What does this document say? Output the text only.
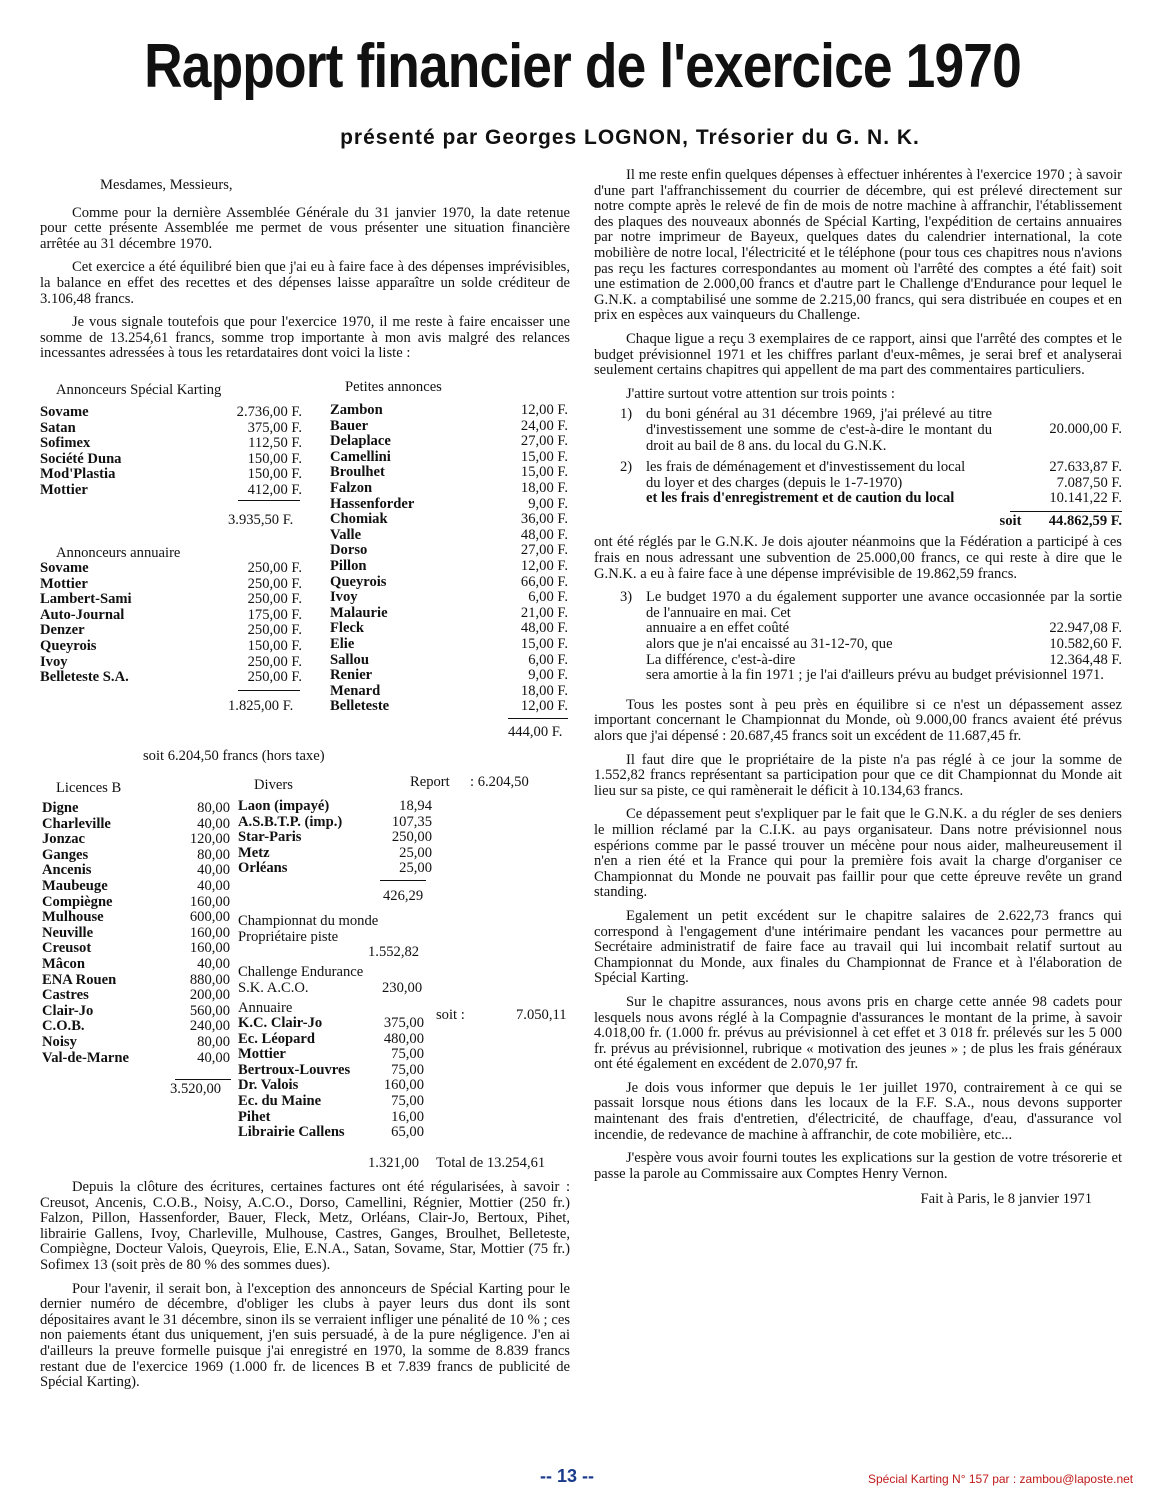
Rapport financier de l'exercice 1970
présenté par Georges LOGNON, Trésorier du G. N. K.

Mesdames, Messieurs,

Comme pour la dernière Assemblée Générale du 31 janvier 1970, la date retenue pour cette présente Assemblée me permet de vous présenter une situation financière arrêtée au 31 décembre 1970.

Cet exercice a été équilibré bien que j'ai eu à faire face à des dépenses imprévisibles, la balance en effet des recettes et des dépenses laisse apparaître un solde créditeur de 3.106,48 francs.

Je vous signale toutefois que pour l'exercice 1970, il me reste à faire encaisser une somme de 13.254,61 francs, somme trop importante à mon avis malgré des relances incessantes adressées à tous les retardataires dont voici la liste :

Annonceurs Spécial Karting
Sovame	2.736,00 F.
Satan	375,00 F.
Sofimex	112,50 F.
Société Duna	150,00 F.
Mod'Plastia	150,00 F.
Mottier	412,00 F.
3.935,50 F.
Annonceurs annuaire
Sovame	250,00 F.
Mottier	250,00 F.
Lambert-Sami	250,00 F.
Auto-Journal	175,00 F.
Denzer	250,00 F.
Queyrois	150,00 F.
Ivoy	250,00 F.
Belleteste S.A.	250,00 F.
1.825,00 F.
Petites annonces
Zambon	12,00 F.
Bauer	24,00 F.
Delaplace	27,00 F.
Camellini	15,00 F.
Broulhet	15,00 F.
Falzon	18,00 F.
Hassenforder	9,00 F.
Chomiak	36,00 F.
Valle	48,00 F.
Dorso	27,00 F.
Pillon	12,00 F.
Queyrois	66,00 F.
Ivoy	6,00 F.
Malaurie	21,00 F.
Fleck	48,00 F.
Elie	15,00 F.
Sallou	6,00 F.
Renier	9,00 F.
Menard	18,00 F.
Belleteste	12,00 F.
444,00 F.
soit 6.204,50 francs (hors taxe)
Licences B
Digne	80,00
Charleville	40,00
Jonzac	120,00
Ganges	80,00
Ancenis	40,00
Maubeuge	40,00
Compiègne	160,00
Mulhouse	600,00
Neuville	160,00
Creusot	160,00
Mâcon	40,00
ENA Rouen	880,00
Castres	200,00
Clair-Jo	560,00
C.O.B.	240,00
Noisy	80,00
Val-de-Marne	40,00
3.520,00
Divers	Report : 6.204,50
Laon (impayé)	18,94
A.S.B.T.P. (imp.)	107,35
Star-Paris	250,00
Metz	25,00
Orléans	25,00
426,29
Championnat du monde
Propriétaire piste
1.552,82
Challenge Endurance
S.K. A.C.O.	230,00
Annuaire
K.C. Clair-Jo	375,00
Ec. Léopard	480,00
Mottier	75,00
Bertroux-Louvres	75,00
Dr. Valois	160,00
Ec. du Maine	75,00
Pihet	16,00
Librairie Callens	65,00
soit :	7.050,11
1.321,00 Total de 13.254,61

Depuis la clôture des écritures, certaines factures ont été régularisées, à savoir : Creusot, Ancenis, C.O.B., Noisy, A.C.O., Dorso, Camellini, Régnier, Mottier (250 fr.) Falzon, Pillon, Hassenforder, Bauer, Fleck, Metz, Orléans, Clair-Jo, Bertoux, Pihet, librairie Gallens, Ivoy, Charleville, Mulhouse, Castres, Ganges, Broulhet, Belleteste, Compiègne, Docteur Valois, Queyrois, Elie, E.N.A., Satan, Sovame, Star, Mottier (75 fr.) Sofimex 13 (soit près de 80 % des sommes dues).

Pour l'avenir, il serait bon, à l'exception des annonceurs de Spécial Karting pour le dernier numéro de décembre, d'obliger les clubs à payer leurs dus dont ils sont dépositaires avant le 31 décembre, sinon ils se verraient infliger une pénalité de 10 % ; ces non paiements étant dus uniquement, j'en suis persuadé, à de la pure négligence. J'en ai d'ailleurs la preuve formelle puisque j'ai enregistré en 1970, la somme de 8.839 francs restant due de l'exercice 1969 (1.000 fr. de licences B et 7.839 francs de publicité de Spécial Karting).

Il me reste enfin quelques dépenses à effectuer inhérentes à l'exercice 1970 ; à savoir d'une part l'affranchissement du courrier de décembre, qui est prélevé directement sur notre compte après le relevé de fin de mois de notre machine à affranchir, l'établissement des plaques des nouveaux abonnés de Spécial Karting, l'expédition de certains annuaires par notre imprimeur de Bayeux, quelques dates du calendrier international, la cote mobilière de notre local, l'électricité et le téléphone (pour tous ces chapitres nous n'avions pas reçu les factures correspondantes au moment où l'arrêté des comptes a été fait) soit une estimation de 2.000,00 francs et d'autre part le Challenge d'Endurance pour lequel le G.N.K. a comptabilisé une somme de 2.215,00 francs, qui sera distribuée en coupes et en prix en espèces aux vainqueurs du Challenge.

Chaque ligue a reçu 3 exemplaires de ce rapport, ainsi que l'arrêté des comptes et le budget prévisionnel 1971 et les chiffres parlant d'eux-mêmes, je serai bref et analyserai seulement certains chapitres qui appellent de ma part des commentaires particuliers.

J'attire surtout votre attention sur trois points :

1) du boni général au 31 décembre 1969, j'ai prélevé au titre d'investissement une somme de c'est-à-dire le montant du droit au bail de 8 ans. du local du G.N.K.
20.000,00 F.
2) les frais de déménagement et d'investissement du local	27.633,87 F.
du loyer et des charges (depuis le 1-7-1970)	7.087,50 F.
et les frais d'enregistrement et de caution du local	10.141,22 F.
soit 44.862,59 F.

ont été réglés par le G.N.K. Je dois ajouter néanmoins que la Fédération a participé à ces frais en nous adressant une subvention de 25.000,00 francs, ce qui reste à dire que le G.N.K. a eu à faire face à une dépense imprévisible de 19.862,59 francs.

3) Le budget 1970 a du également supporter une avance occasionnée par la sortie de l'annuaire en mai. Cet
annuaire a en effet coûté	22.947,08 F.
alors que je n'ai encaissé au 31-12-70, que	10.582,60 F.
La différence, c'est-à-dire	12.364,48 F.
sera amortie à la fin 1971 ; je l'ai d'ailleurs prévu au budget prévisionnel 1971.

Tous les postes sont à peu près en équilibre si ce n'est un dépassement assez important concernant le Championnat du Monde, où 9.000,00 francs avaient été prévus alors que j'ai dépensé : 20.687,45 francs soit un excédent de 11.687,45 fr.

Il faut dire que le propriétaire de la piste n'a pas réglé à ce jour la somme de 1.552,82 francs représentant sa participation pour que ce dit Championnat du Monde ait lieu sur sa piste, ce qui ramènerait le déficit à 10.134,63 francs.

Ce dépassement peut s'expliquer par le fait que le G.N.K. a du régler de ses deniers le million réclamé par la C.I.K. au pays organisateur. Dans notre prévisionnel nous espérions comme par le passé trouver un mécène pour nous aider, malheureusement il n'en a rien été et la France qui pour la première fois avait la charge d'organiser ce Championnat du Monde ne pouvait pas faillir pour que cette épreuve revête un grand standing.

Egalement un petit excédent sur le chapitre salaires de 2.622,73 francs qui correspond à l'engagement d'une intérimaire pendant les vacances pour permettre au Secrétaire administratif de faire face au travail qui lui incombait relatif surtout au Championnat du Monde, aux finales du Championnat de France et à l'élaboration de Spécial Karting.

Sur le chapitre assurances, nous avons pris en charge cette année 98 cadets pour lesquels nous avons réglé à la Compagnie d'assurances le montant de la prime, à savoir 4.018,00 fr. (1.000 fr. prévus au prévisionnel à cet effet et 3 018 fr. prélevés sur les 5 000 fr. prévus au prévisionnel, rubrique « motivation des jeunes » ; de plus les frais généraux ont été également en excédent de 2.070,97 fr.

Je dois vous informer que depuis le 1er juillet 1970, contrairement à ce qui se passait lorsque nous étions dans les locaux de la F.F. S.A., nous devons supporter maintenant des frais d'entretien, d'électricité, de chauffage, d'eau, d'assurance vol incendie, de redevance de machine à affranchir, de cote mobilière, etc...

J'espère vous avoir fourni toutes les explications sur la gestion de votre trésorerie et passe la parole au Commissaire aux Comptes Henry Vernon.

Fait à Paris, le 8 janvier 1971
-- 13 --	Spécial Karting N° 157 par : zambou@laposte.net
